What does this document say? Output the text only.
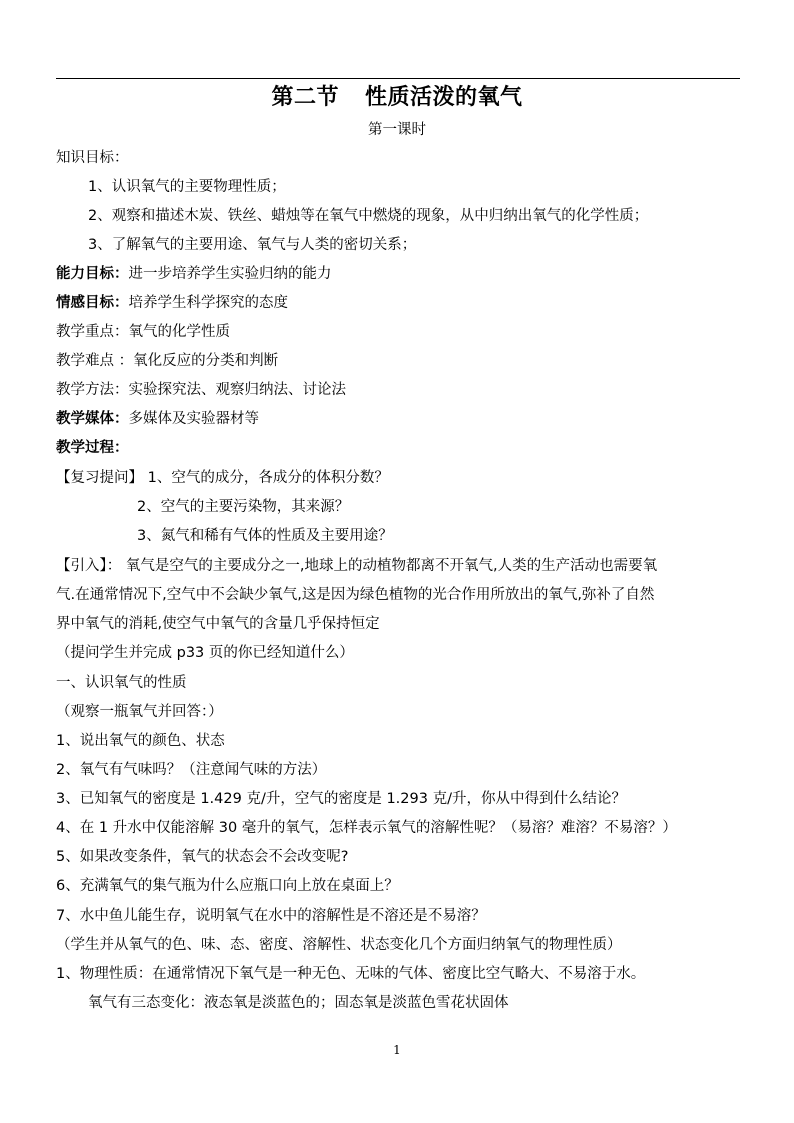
第二节 性质活泼的氧气
第一课时
知识目标：
1、认识氧气的主要物理性质；
2、观察和描述木炭、铁丝、蜡烛等在氧气中燃烧的现象，从中归纳出氧气的化学性质；
3、了解氧气的主要用途、氧气与人类的密切关系；
能力目标：进一步培养学生实验归纳的能力
情感目标：培养学生科学探究的态度
教学重点：氧气的化学性质
教学难点 ：氧化反应的分类和判断
教学方法：实验探究法、观察归纳法、讨论法
教学媒体：多媒体及实验器材等
教学过程：
【复习提问】 1、空气的成分，各成分的体积分数？
2、空气的主要污染物，其来源？
3、氮气和稀有气体的性质及主要用途？
【引入】： 氧气是空气的主要成分之一,地球上的动植物都离不开氧气,人类的生产活动也需要氧
气.在通常情况下,空气中不会缺少氧气,这是因为绿色植物的光合作用所放出的氧气,弥补了自然
界中氧气的消耗,使空气中氧气的含量几乎保持恒定
（提问学生并完成 p33 页的你已经知道什么）
一、认识氧气的性质
（观察一瓶氧气并回答：）
1、说出氧气的颜色、状态
2、氧气有气味吗？（注意闻气味的方法）
3、已知氧气的密度是 1.429 克/升，空气的密度是 1.293 克/升，你从中得到什么结论？
4、在 1 升水中仅能溶解 30 毫升的氧气，怎样表示氧气的溶解性呢？（易溶？难溶？不易溶？）
5、如果改变条件，氧气的状态会不会改变呢?
6、充满氧气的集气瓶为什么应瓶口向上放在桌面上？
7、水中鱼儿能生存，说明氧气在水中的溶解性是不溶还是不易溶？
（学生并从氧气的色、味、态、密度、溶解性、状态变化几个方面归纳氧气的物理性质）
1、物理性质：在通常情况下氧气是一种无色、无味的气体、密度比空气略大、不易溶于水。
氧气有三态变化：液态氧是淡蓝色的；固态氧是淡蓝色雪花状固体
1
